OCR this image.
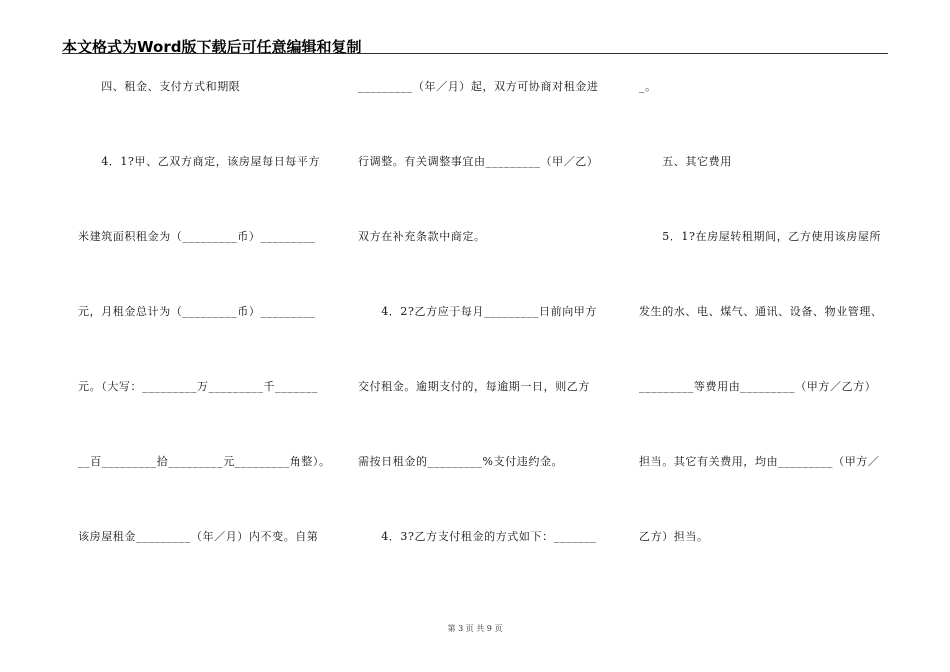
本文格式为Word版下载后可任意编辑和复制
　　四、租金、支付方式和期限
　　4．1?甲、乙双方商定，该房屋每日每平方
米建筑面积租金为（_________币）_________
元，月租金总计为（_________币）_________
元。（大写：_________万_________千_______
__百_________拾_________元_________角整）。
该房屋租金_________（年／月）内不变。自第
_________（年／月）起，双方可协商对租金进
行调整。有关调整事宜由_________（甲／乙）
双方在补充条款中商定。
　　4．2?乙方应于每月_________日前向甲方
交付租金。逾期支付的，每逾期一日，则乙方
需按日租金的_________%支付违约金。
　　4．3?乙方支付租金的方式如下：_______
_。
　　五、其它费用
　　5．1?在房屋转租期间，乙方使用该房屋所
发生的水、电、煤气、通讯、设备、物业管理、
_________等费用由_________（甲方／乙方）
担当。其它有关费用，均由_________（甲方／
乙方）担当。
第 3 页 共 9 页
